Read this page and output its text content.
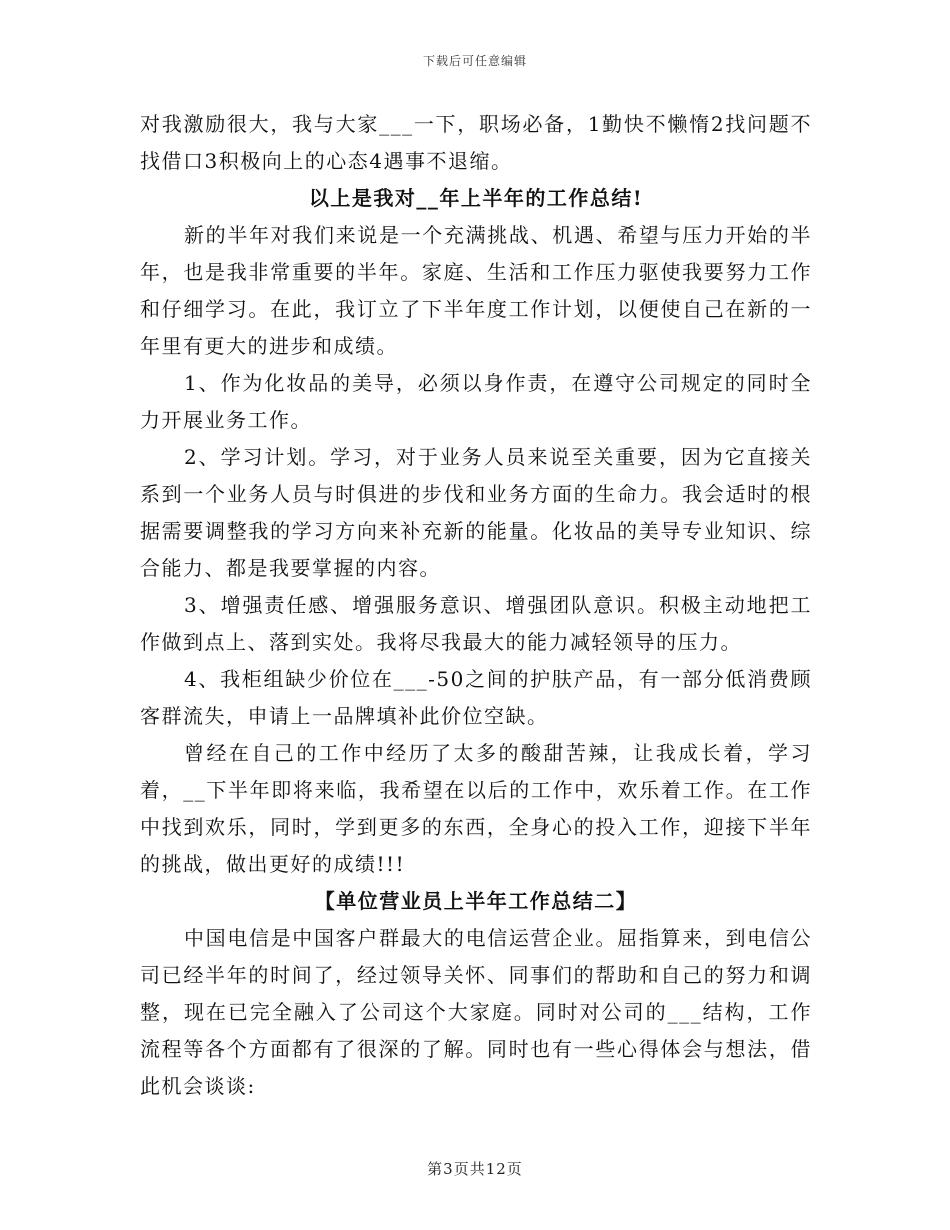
下载后可任意编辑

对我激励很大，我与大家___一下，职场必备，1勤快不懒惰2找问题不找借口3积极向上的心态4遇事不退缩。

以上是我对__年上半年的工作总结!

新的半年对我们来说是一个充满挑战、机遇、希望与压力开始的半年，也是我非常重要的半年。家庭、生活和工作压力驱使我要努力工作和仔细学习。在此，我订立了下半年度工作计划，以便使自己在新的一年里有更大的进步和成绩。

1、作为化妆品的美导，必须以身作责，在遵守公司规定的同时全力开展业务工作。

2、学习计划。学习，对于业务人员来说至关重要，因为它直接关系到一个业务人员与时俱进的步伐和业务方面的生命力。我会适时的根据需要调整我的学习方向来补充新的能量。化妆品的美导专业知识、综合能力、都是我要掌握的内容。

3、增强责任感、增强服务意识、增强团队意识。积极主动地把工作做到点上、落到实处。我将尽我最大的能力减轻领导的压力。

4、我柜组缺少价位在___-50之间的护肤产品，有一部分低消费顾客群流失，申请上一品牌填补此价位空缺。

曾经在自己的工作中经历了太多的酸甜苦辣，让我成长着，学习着，__下半年即将来临，我希望在以后的工作中，欢乐着工作。在工作中找到欢乐，同时，学到更多的东西，全身心的投入工作，迎接下半年的挑战，做出更好的成绩!!!

【单位营业员上半年工作总结二】

中国电信是中国客户群最大的电信运营企业。屈指算来，到电信公司已经半年的时间了，经过领导关怀、同事们的帮助和自己的努力和调整，现在已完全融入了公司这个大家庭。同时对公司的___结构，工作流程等各个方面都有了很深的了解。同时也有一些心得体会与想法，借此机会谈谈:

第3页共12页
